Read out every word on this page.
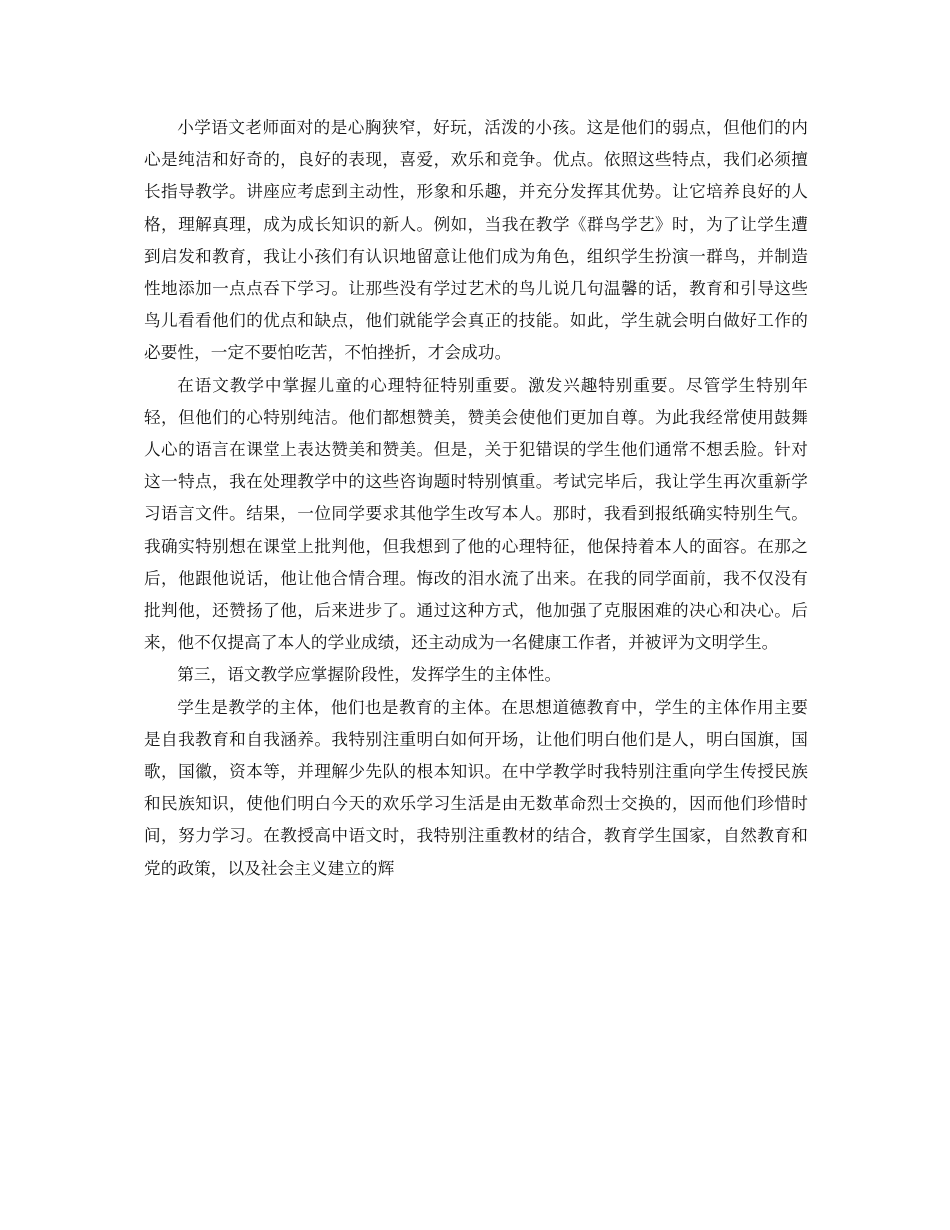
小学语文老师面对的是心胸狭窄，好玩，活泼的小孩。这是他们的弱点，但他们的内心是纯洁和好奇的，良好的表现，喜爱，欢乐和竞争。优点。依照这些特点，我们必须擅长指导教学。讲座应考虑到主动性，形象和乐趣，并充分发挥其优势。让它培养良好的人格，理解真理，成为成长知识的新人。例如，当我在教学《群鸟学艺》时，为了让学生遭到启发和教育，我让小孩们有认识地留意让他们成为角色，组织学生扮演一群鸟，并制造性地添加一点点吞下学习。让那些没有学过艺术的鸟儿说几句温馨的话，教育和引导这些鸟儿看看他们的优点和缺点，他们就能学会真正的技能。如此，学生就会明白做好工作的必要性，一定不要怕吃苦，不怕挫折，才会成功。

在语文教学中掌握儿童的心理特征特别重要。激发兴趣特别重要。尽管学生特别年轻，但他们的心特别纯洁。他们都想赞美，赞美会使他们更加自尊。为此我经常使用鼓舞人心的语言在课堂上表达赞美和赞美。但是，关于犯错误的学生他们通常不想丢脸。针对这一特点，我在处理教学中的这些咨询题时特别慎重。考试完毕后，我让学生再次重新学习语言文件。结果，一位同学要求其他学生改写本人。那时，我看到报纸确实特别生气。我确实特别想在课堂上批判他，但我想到了他的心理特征，他保持着本人的面容。在那之后，他跟他说话，他让他合情合理。悔改的泪水流了出来。在我的同学面前，我不仅没有批判他，还赞扬了他，后来进步了。通过这种方式，他加强了克服困难的决心和决心。后来，他不仅提高了本人的学业成绩，还主动成为一名健康工作者，并被评为文明学生。

第三，语文教学应掌握阶段性，发挥学生的主体性。

学生是教学的主体，他们也是教育的主体。在思想道德教育中，学生的主体作用主要是自我教育和自我涵养。我特别注重明白如何开场，让他们明白他们是人，明白国旗，国歌，国徽，资本等，并理解少先队的根本知识。在中学教学时我特别注重向学生传授民族和民族知识，使他们明白今天的欢乐学习生活是由无数革命烈士交换的，因而他们珍惜时间，努力学习。在教授高中语文时，我特别注重教材的结合，教育学生国家，自然教育和党的政策，以及社会主义建立的辉
